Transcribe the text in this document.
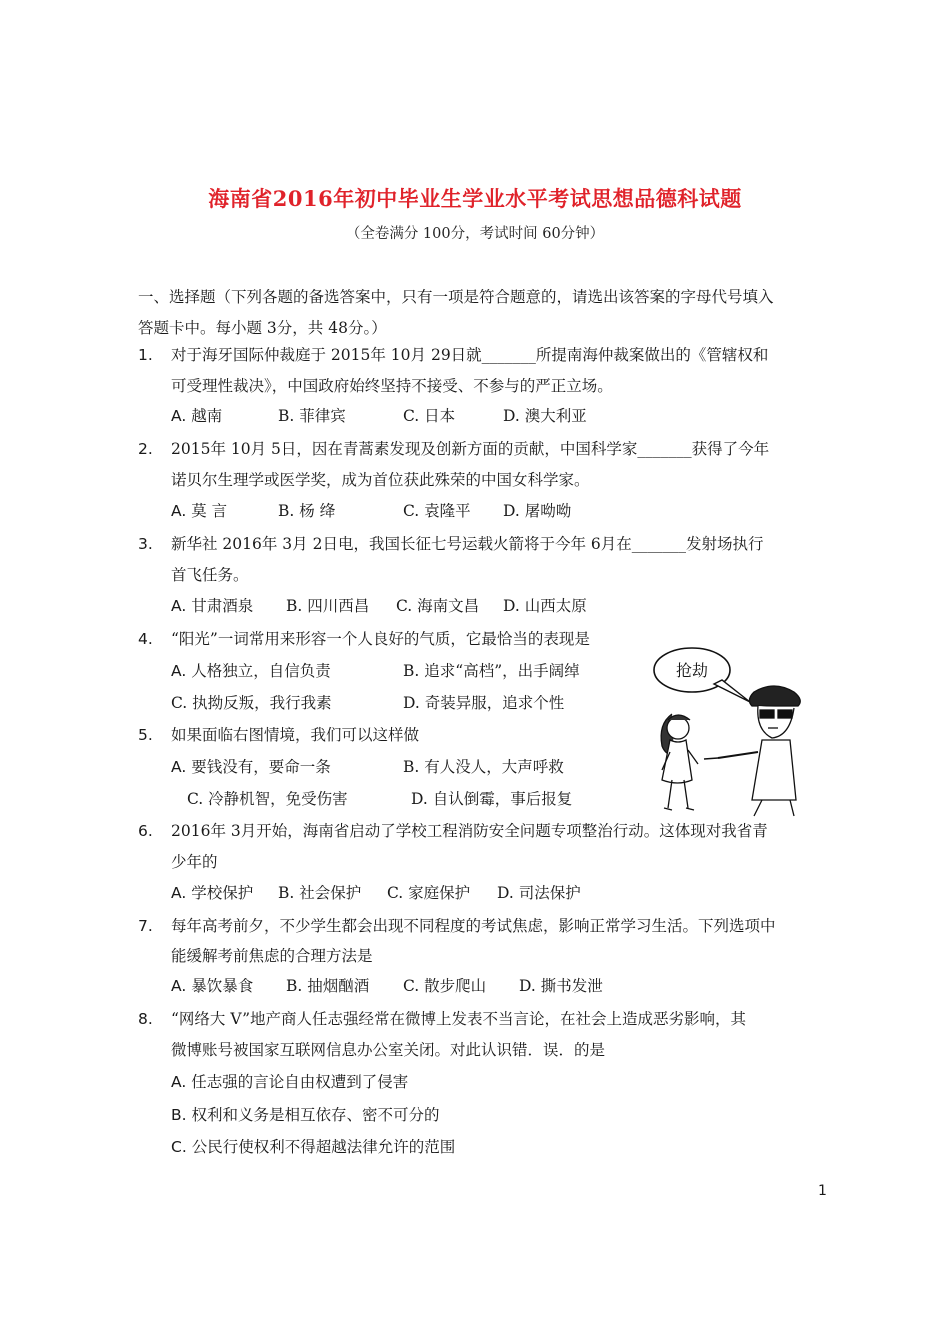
海南省2016年初中毕业生学业水平考试思想品德科试题
（全卷满分 100分，考试时间 60分钟）
一、选择题（下列各题的备选答案中，只有一项是符合题意的，请选出该答案的字母代号填入
答题卡中。每小题 3分，共 48分。）
1. 对于海牙国际仲裁庭于 2015年 10月 29日就_______所提南海仲裁案做出的《管辖权和
可受理性裁决》，中国政府始终坚持不接受、不参与的严正立场。
A. 越南	B. 菲律宾	C. 日本	D. 澳大利亚
2. 2015年 10月 5日，因在青蒿素发现及创新方面的贡献，中国科学家_______获得了今年
诺贝尔生理学或医学奖，成为首位获此殊荣的中国女科学家。
A. 莫 言	B. 杨 绛	C. 袁隆平 D. 屠呦呦
3. 新华社 2016年 3月 2日电，我国长征七号运载火箭将于今年 6月在_______发射场执行
首飞任务。
A. 甘肃酒泉 B. 四川西昌 C. 海南文昌 D. 山西太原
4. “阳光”一词常用来形容一个人良好的气质，它最恰当的表现是
A. 人格独立，自信负责	B. 追求“高档”，出手阔绰
C. 执拗反叛，我行我素	D. 奇装异服，追求个性
5. 如果面临右图情境，我们可以这样做
A. 要钱没有，要命一条	B. 有人没人，大声呼救
C. 冷静机智，免受伤害	D. 自认倒霉，事后报复
抢劫
6. 2016年 3月开始，海南省启动了学校工程消防安全问题专项整治行动。这体现对我省青
少年的
A. 学校保护 B. 社会保护 C. 家庭保护 D. 司法保护
7. 每年高考前夕，不少学生都会出现不同程度的考试焦虑，影响正常学习生活。下列选项中
能缓解考前焦虑的合理方法是
A. 暴饮暴食 B. 抽烟酗酒 C. 散步爬山 D. 撕书发泄
8. “网络大 V”地产商人任志强经常在微博上发表不当言论，在社会上造成恶劣影响，其
微博账号被国家互联网信息办公室关闭。对此认识错．误．的是
A. 任志强的言论自由权遭到了侵害
B. 权利和义务是相互依存、密不可分的
C. 公民行使权利不得超越法律允许的范围
1
